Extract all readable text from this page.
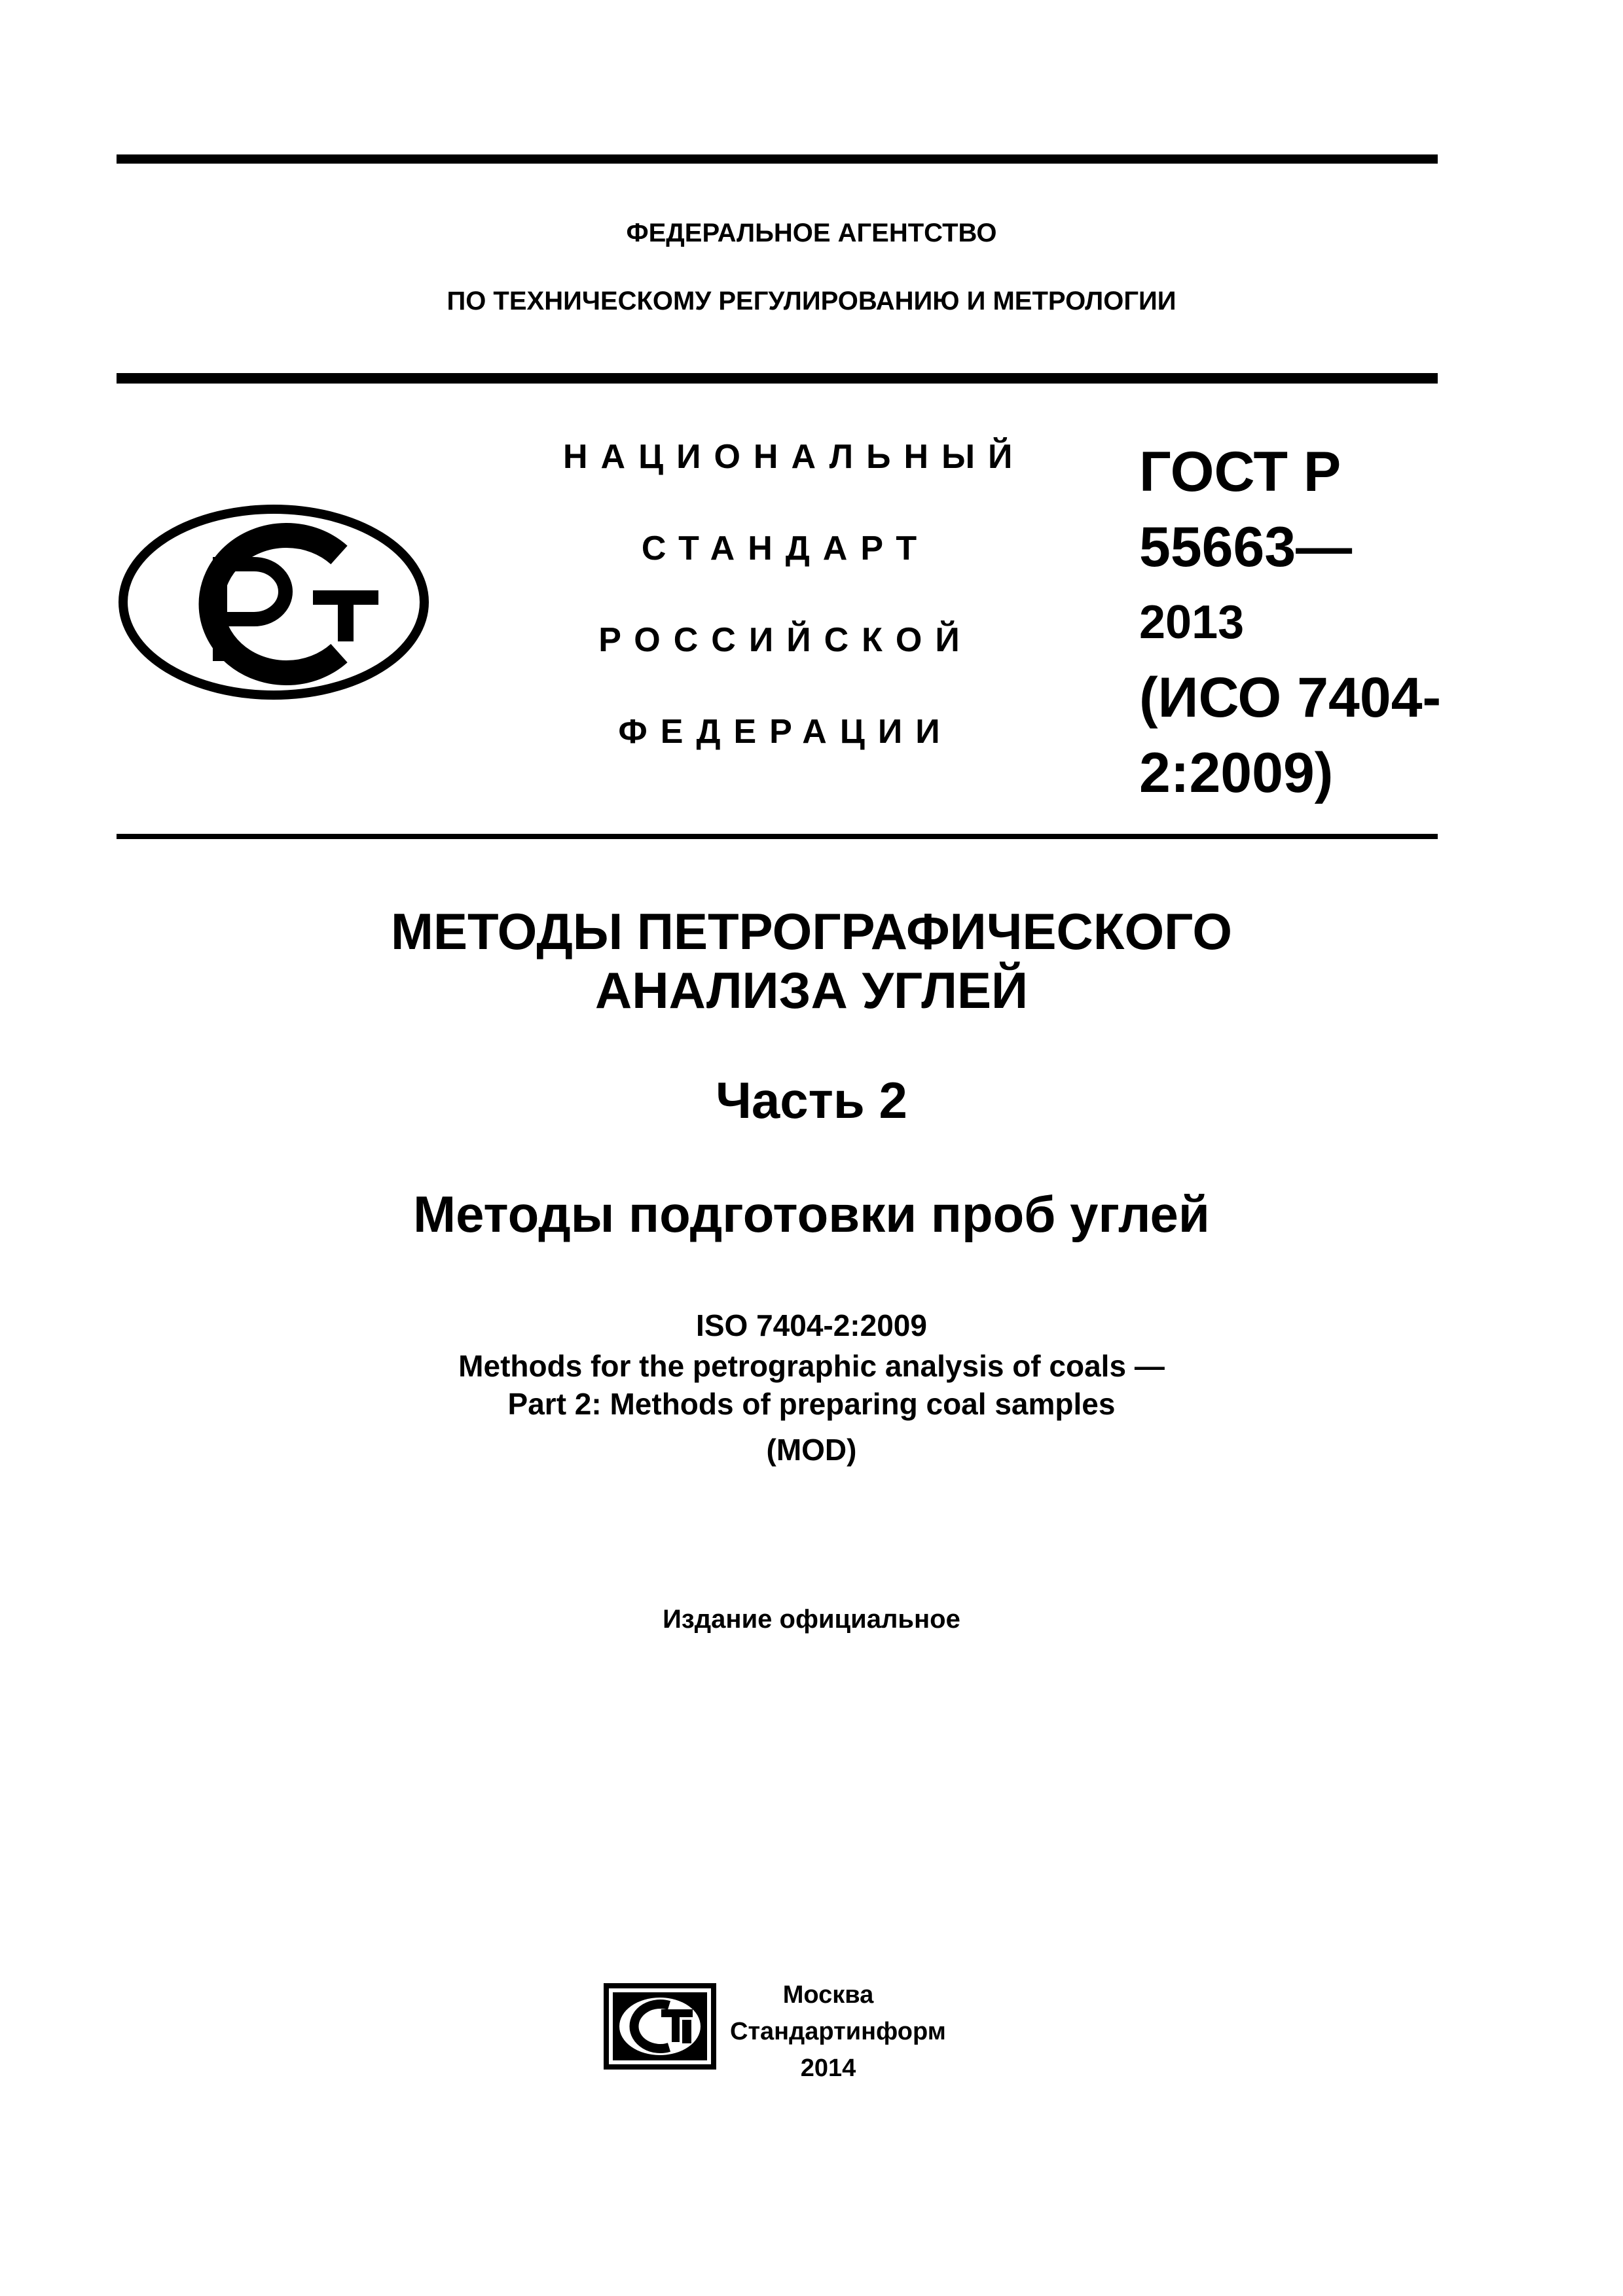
ФЕДЕРАЛЬНОЕ АГЕНТСТВО
ПО ТЕХНИЧЕСКОМУ РЕГУЛИРОВАНИЮ И МЕТРОЛОГИИ
НАЦИОНАЛЬНЫЙ
СТАНДАРТ
РОССИЙСКОЙ
ФЕДЕРАЦИИ
ГОСТ Р
55663—
2013
(ИСО 7404-
2:2009)
МЕТОДЫ ПЕТРОГРАФИЧЕСКОГО
АНАЛИЗА УГЛЕЙ
Часть 2
Методы подготовки проб углей
ISO 7404-2:2009
Methods for the petrographic analysis of coals —
Part 2: Methods of preparing coal samples
(MOD)
Издание официальное
Москва
Стандартинформ
2014
